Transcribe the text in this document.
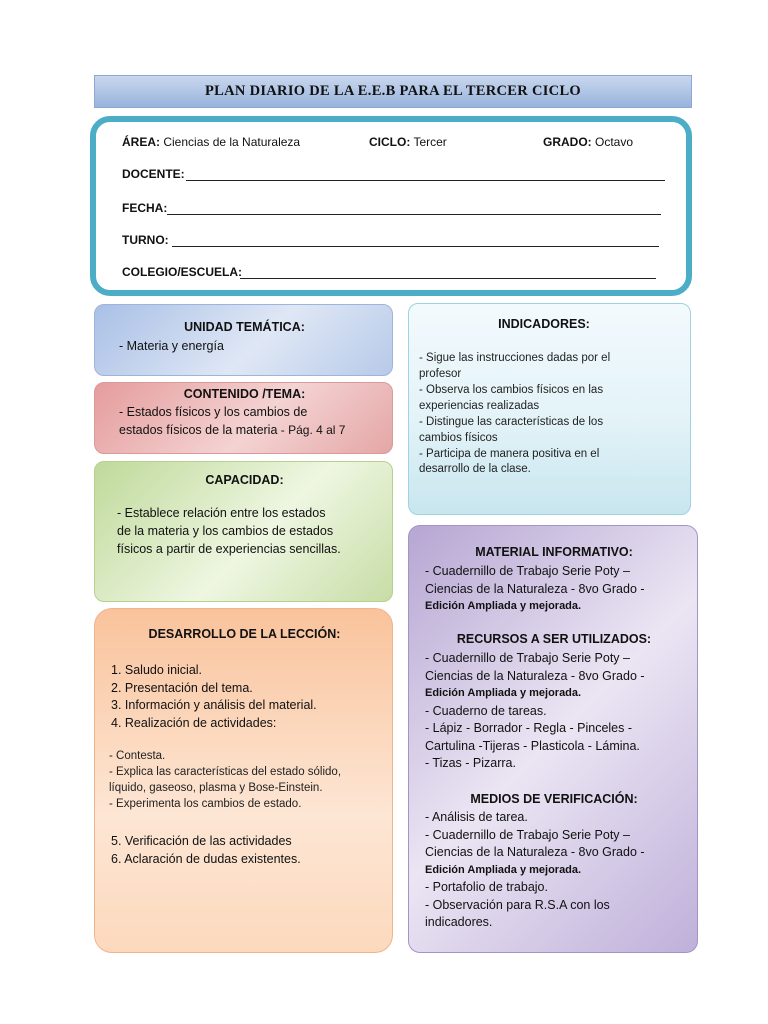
PLAN DIARIO DE LA E.E.B PARA EL TERCER CICLO
ÁREA: Ciencias de la Naturaleza	CICLO: Tercer	GRADO: Octavo
DOCENTE:
FECHA:
TURNO:
COLEGIO/ESCUELA:
UNIDAD TEMÁTICA:
- Materia y energía
CONTENIDO /TEMA:
- Estados físicos y los cambios de
estados físicos de la materia - Pág. 4 al 7
CAPACIDAD:
- Establece relación entre los estados
de la materia y los cambios de estados
físicos a partir de experiencias sencillas.
DESARROLLO DE LA LECCIÓN:
1. Saludo inicial.
2. Presentación del tema.
3. Información y análisis del material.
4. Realización de actividades:
- Contesta.
- Explica las características del estado sólido,
líquido, gaseoso, plasma y Bose-Einstein.
- Experimenta los cambios de estado.
5. Verificación de las actividades
6. Aclaración de dudas existentes.
INDICADORES:
- Sigue las instrucciones dadas por el
profesor
- Observa los cambios físicos en las
experiencias realizadas
- Distingue las características de los
cambios físicos
- Participa de manera positiva en el
desarrollo de la clase.
MATERIAL INFORMATIVO:
- Cuadernillo de Trabajo Serie Poty –
Ciencias de la Naturaleza - 8vo Grado -
Edición Ampliada y mejorada.
RECURSOS A SER UTILIZADOS:
- Cuadernillo de Trabajo Serie Poty –
Ciencias de la Naturaleza - 8vo Grado -
Edición Ampliada y mejorada.
- Cuaderno de tareas.
- Lápiz - Borrador - Regla - Pinceles -
Cartulina -Tijeras - Plasticola - Lámina.
- Tizas - Pizarra.
MEDIOS DE VERIFICACIÓN:
- Análisis de tarea.
- Cuadernillo de Trabajo Serie Poty –
Ciencias de la Naturaleza - 8vo Grado -
Edición Ampliada y mejorada.
- Portafolio de trabajo.
- Observación para R.S.A con los
indicadores.
